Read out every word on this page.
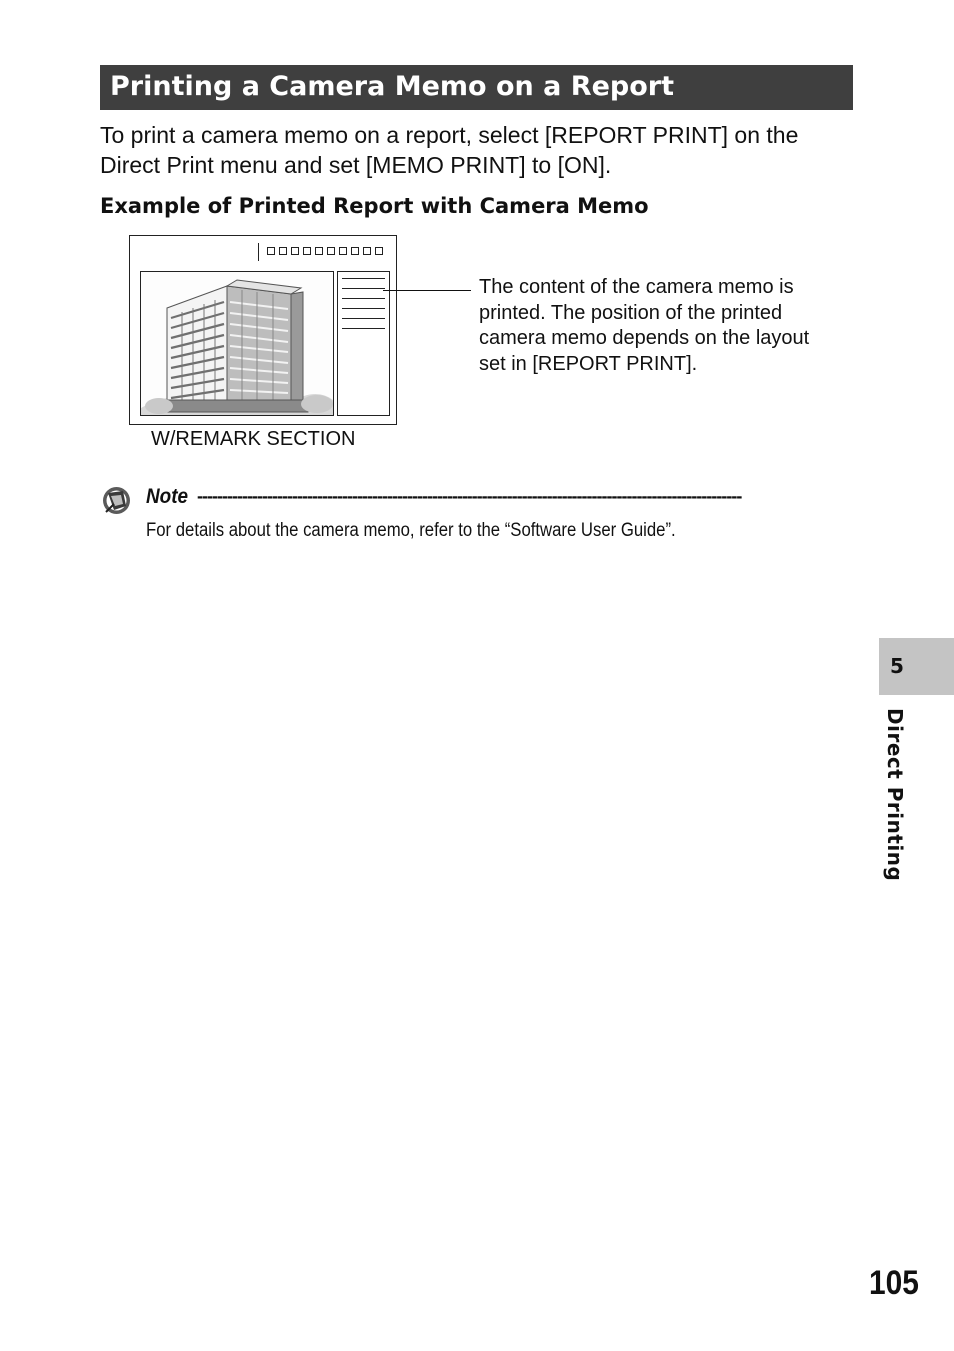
Printing a Camera Memo on a Report

To print a camera memo on a report, select [REPORT PRINT] on the Direct Print menu and set [MEMO PRINT] to [ON].

Example of Printed Report with Camera Memo

The content of the camera memo is printed. The position of the printed camera memo depends on the layout set in [REPORT PRINT].

W/REMARK SECTION

Note -------------------------------------------------------------------------------------------------------------

For details about the camera memo, refer to the “Software User Guide”.

5
Direct Printing
105
